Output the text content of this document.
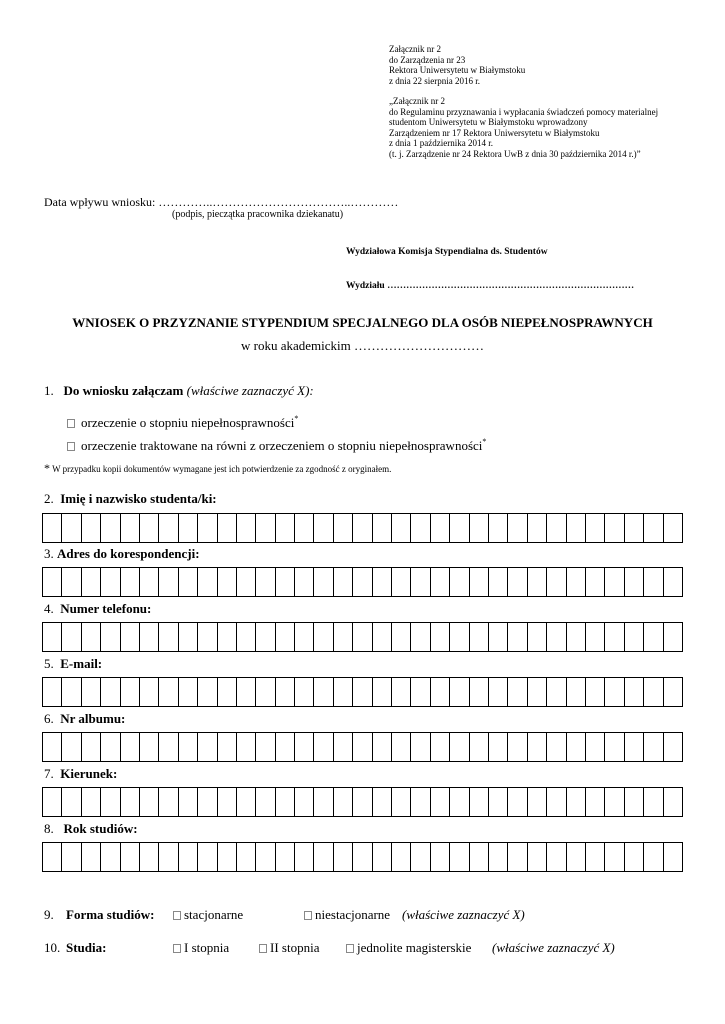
Załącznik nr 2
do Zarządzenia nr 23
Rektora Uniwersytetu w Białymstoku
z dnia 22 sierpnia 2016 r.
„Załącznik nr 2
do Regulaminu przyznawania i wypłacania świadczeń pomocy materialnej
studentom Uniwersytetu w Białymstoku wprowadzony
Zarządzeniem nr 17 Rektora Uniwersytetu w Białymstoku
z dnia 1 października 2014 r.
(t. j. Zarządzenie nr 24 Rektora UwB z dnia 30 października 2014 r.)”
Data wpływu wniosku: …………..……………………………..…………
(podpis, pieczątka pracownika dziekanatu)
Wydziałowa Komisja Stypendialna ds. Studentów
Wydziału ……………………………………………………………………
WNIOSEK O PRZYZNANIE STYPENDIUM SPECJALNEGO DLA OSÓB NIEPEŁNOSPRAWNYCH
w roku akademickim …………………………
1. Do wniosku załączam (właściwe zaznaczyć X):
orzeczenie o stopniu niepełnosprawności*
orzeczenie traktowane na równi z orzeczeniem o stopniu niepełnosprawności*
* W przypadku kopii dokumentów wymagane jest ich potwierdzenie za zgodność z oryginałem.
2. Imię i nazwisko studenta/ki:
3. Adres do korespondencji:
4. Numer telefonu:
5. E-mail:
6. Nr albumu:
7. Kierunek:
8. Rok studiów:
9. Forma studiów:	stacjonarne	niestacjonarne (właściwe zaznaczyć X)
10. Studia:	I stopnia	II stopnia	jednolite magisterskie (właściwe zaznaczyć X)
